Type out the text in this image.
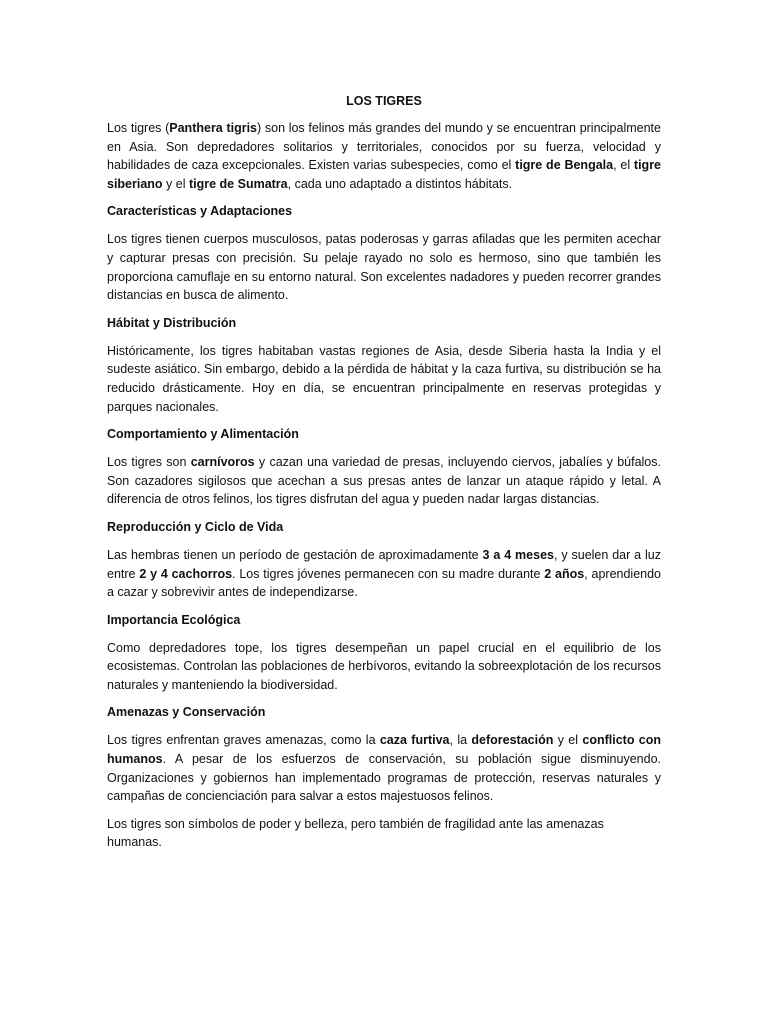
LOS TIGRES

Los tigres (Panthera tigris) son los felinos más grandes del mundo y se encuentran principalmente en Asia. Son depredadores solitarios y territoriales, conocidos por su fuerza, velocidad y habilidades de caza excepcionales. Existen varias subespecies, como el tigre de Bengala, el tigre siberiano y el tigre de Sumatra, cada uno adaptado a distintos hábitats.

Características y Adaptaciones

Los tigres tienen cuerpos musculosos, patas poderosas y garras afiladas que les permiten acechar y capturar presas con precisión. Su pelaje rayado no solo es hermoso, sino que también les proporciona camuflaje en su entorno natural. Son excelentes nadadores y pueden recorrer grandes distancias en busca de alimento.

Hábitat y Distribución

Históricamente, los tigres habitaban vastas regiones de Asia, desde Siberia hasta la India y el sudeste asiático. Sin embargo, debido a la pérdida de hábitat y la caza furtiva, su distribución se ha reducido drásticamente. Hoy en día, se encuentran principalmente en reservas protegidas y parques nacionales.

Comportamiento y Alimentación

Los tigres son carnívoros y cazan una variedad de presas, incluyendo ciervos, jabalíes y búfalos. Son cazadores sigilosos que acechan a sus presas antes de lanzar un ataque rápido y letal. A diferencia de otros felinos, los tigres disfrutan del agua y pueden nadar largas distancias.

Reproducción y Ciclo de Vida

Las hembras tienen un período de gestación de aproximadamente 3 a 4 meses, y suelen dar a luz entre 2 y 4 cachorros. Los tigres jóvenes permanecen con su madre durante 2 años, aprendiendo a cazar y sobrevivir antes de independizarse.

Importancia Ecológica

Como depredadores tope, los tigres desempeñan un papel crucial en el equilibrio de los ecosistemas. Controlan las poblaciones de herbívoros, evitando la sobreexplotación de los recursos naturales y manteniendo la biodiversidad.

Amenazas y Conservación

Los tigres enfrentan graves amenazas, como la caza furtiva, la deforestación y el conflicto con humanos. A pesar de los esfuerzos de conservación, su población sigue disminuyendo. Organizaciones y gobiernos han implementado programas de protección, reservas naturales y campañas de concienciación para salvar a estos majestuosos felinos.

Los tigres son símbolos de poder y belleza, pero también de fragilidad ante las amenazas humanas.
